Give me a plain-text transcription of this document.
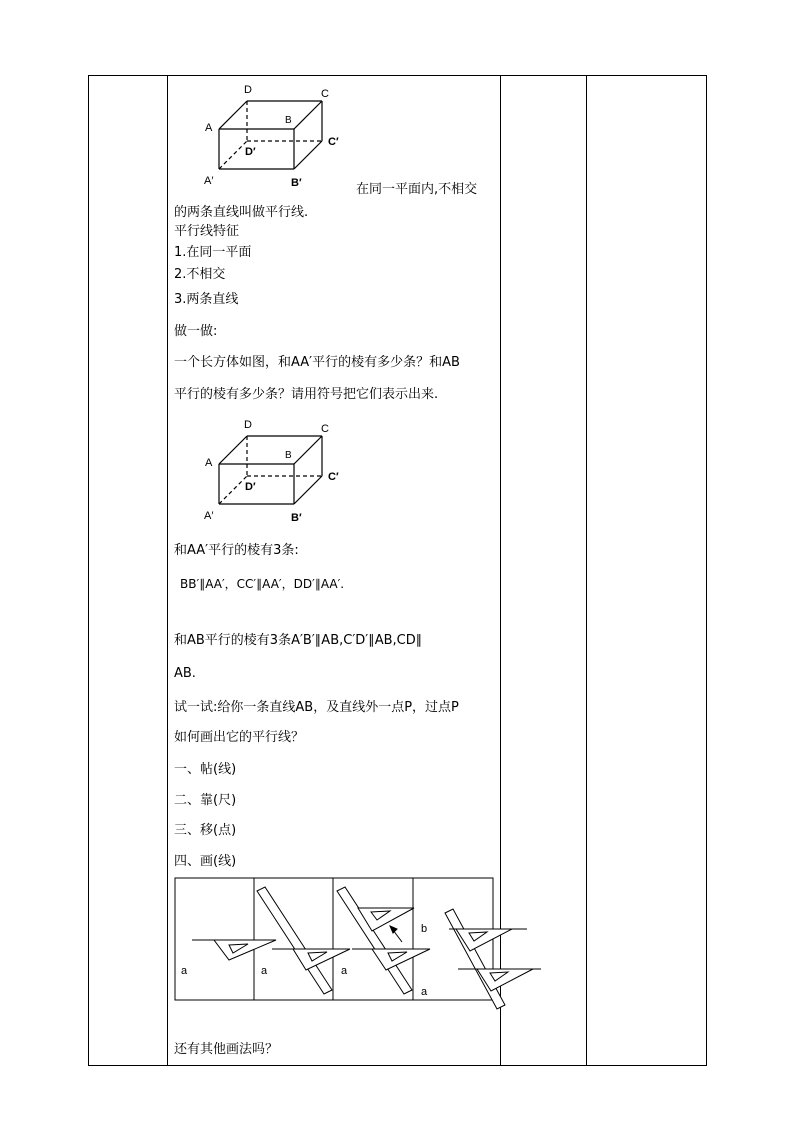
D	C
A
B
D′
C′
A′	B′	在同一平面内,不相交
的两条直线叫做平行线.
平行线特征
1.在同一平面
2.不相交
3.两条直线
做一做:
一个长方体如图，和AA′平行的棱有多少条？和AB
平行的棱有多少条？请用符号把它们表示出来.
D	C
A
B
D′
C′
A′	B′
和AA′平行的棱有3条:
BB′∥AA′，CC′∥AA′，DD′∥AA′.
和AB平行的棱有3条A′B′∥AB,C′D′∥AB,CD∥
AB.
试一试:给你一条直线AB，及直线外一点P，过点P
如何画出它的平行线？
一、帖(线)
二、靠(尺)
三、移(点)
四、画(线)
a	a	a
b
a
还有其他画法吗？
